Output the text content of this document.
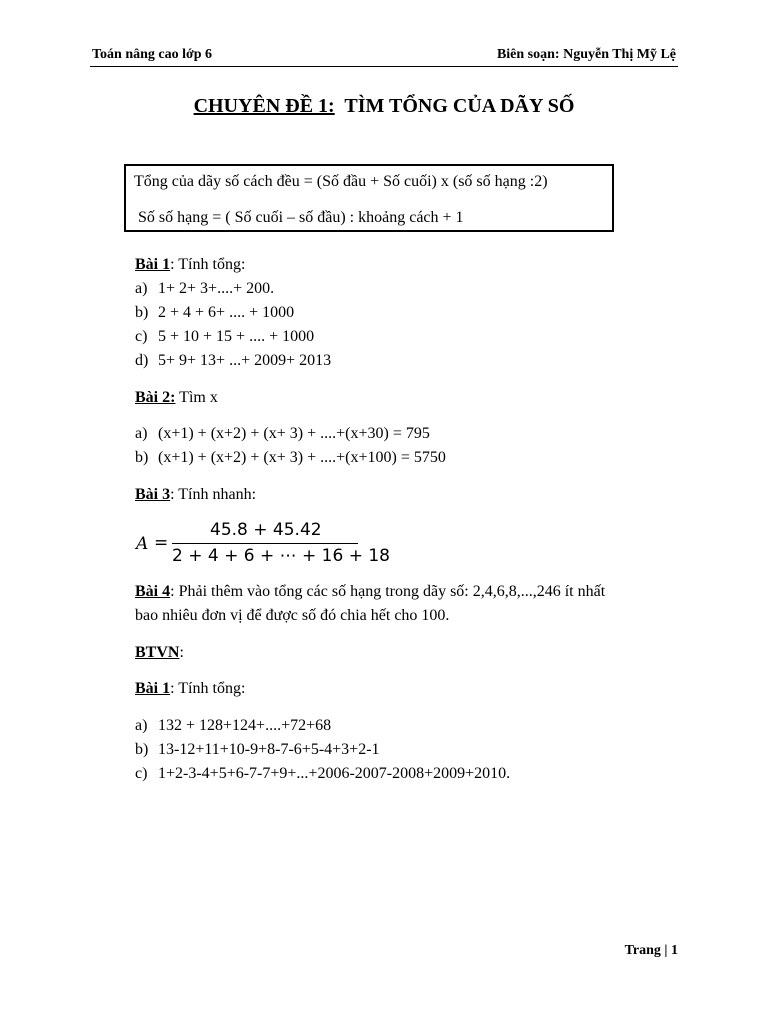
Toán nâng cao lớp 6	Biên soạn: Nguyễn Thị Mỹ Lệ
CHUYÊN ĐỀ 1: TÌM TỔNG CỦA DÃY SỐ
Tổng của dãy số cách đều = (Số đầu + Số cuối) x (số số hạng :2)
Số số hạng = ( Số cuối – số đầu) : khoảng cách + 1
Bài 1: Tính tổng:
a) 1+ 2+ 3+....+ 200.
b) 2 + 4 + 6+ .... + 1000
c) 5 + 10 + 15 + .... + 1000
d) 5+ 9+ 13+ ...+ 2009+ 2013
Bài 2: Tìm x
a) (x+1) + (x+2) + (x+ 3) + ....+(x+30) = 795
b) (x+1) + (x+2) + (x+ 3) + ....+(x+100) = 5750
Bài 3: Tính nhanh:
A =
45.8 + 45.42
2 + 4 + 6 + ⋯ + 16 + 18
Bài 4: Phải thêm vào tổng các số hạng trong dãy số: 2,4,6,8,...,246 ít nhất
bao nhiêu đơn vị để được số đó chia hết cho 100.
BTVN:
Bài 1: Tính tổng:
a) 132 + 128+124+....+72+68
b) 13-12+11+10-9+8-7-6+5-4+3+2-1
c) 1+2-3-4+5+6-7-7+9+...+2006-2007-2008+2009+2010.
Trang | 1
